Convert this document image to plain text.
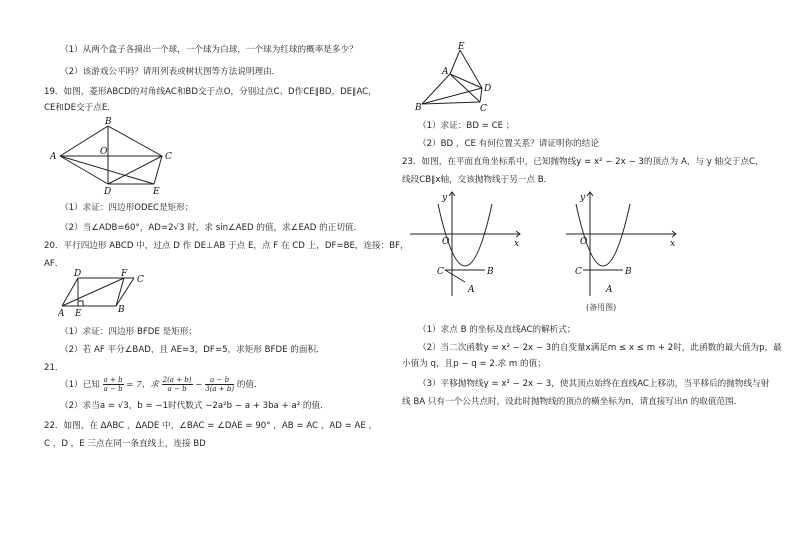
（1）从两个盒子各摸出一个球，一个球为白球，一个球为红球的概率是多少？
（2）该游戏公平吗？请用列表或树状图等方法说明理由．
19．如图，菱形ABCD的对角线AC和BD交于点O，分别过点C、D作CE∥BD，DE∥AC，
CE和DE交于点E．
A
B
C
D
O
E
（1）求证：四边形ODEC是矩形；
（2）当∠ADB=60°，AD=2√3 时，求 sin∠AED 的值，求∠EAD 的正切值．
20．平行四边形 ABCD 中，过点 D 作 DE⊥AB 于点 E，点 F 在 CD 上，DF=BE，连接：BF，
AF．
D	F
C
A E	B
（1）求证：四边形 BFDE 是矩形；
（2）若 AF 平分∠BAD，且 AE=3，DF=5，求矩形 BFDE 的面积．
21．
（1）已知 $\frac{a + b}{a - b} = 7$，求 $\frac{2(a + b)}{a - b} - \frac{a - b}{3(a + b)}$ 的值．
（2）求当a = √3，b = −1时代数式 −2a²b − a + 3ba + a² 的值．
22．如图，在 ΔABC ，ΔADE 中，∠BAC = ∠DAE = 90° ，AB = AC ，AD = AE ，
C ，D ，E 三点在同一条直线上，连接 BD
E
A
D
B	C
（1）求证：BD = CE ；
（2）BD ，CE 有何位置关系？请证明你的结论
23．如图，在平面直角坐标系中，已知抛物线y = x² − 2x − 3的顶点为 A，与 y 轴交于点C，
线段CB∥x轴，交该抛物线于另一点 B．
y
x
O
C	B
A
y
x
O
C	B
A
(备用图)
（1）求点 B 的坐标及直线AC的解析式；
（2）当二次函数y = x² − 2x − 3的自变量x满足m ≤ x ≤ m + 2时，此函数的最大值为p，最
小值为 q，且p − q = 2.求 m 的值；
（3）平移抛物线y = x² − 2x − 3，使其顶点始终在直线AC上移动，当平移后的抛物线与射
线 BA 只有一个公共点时，设此时抛物线的顶点的横坐标为n，请直接写出n 的取值范围．
